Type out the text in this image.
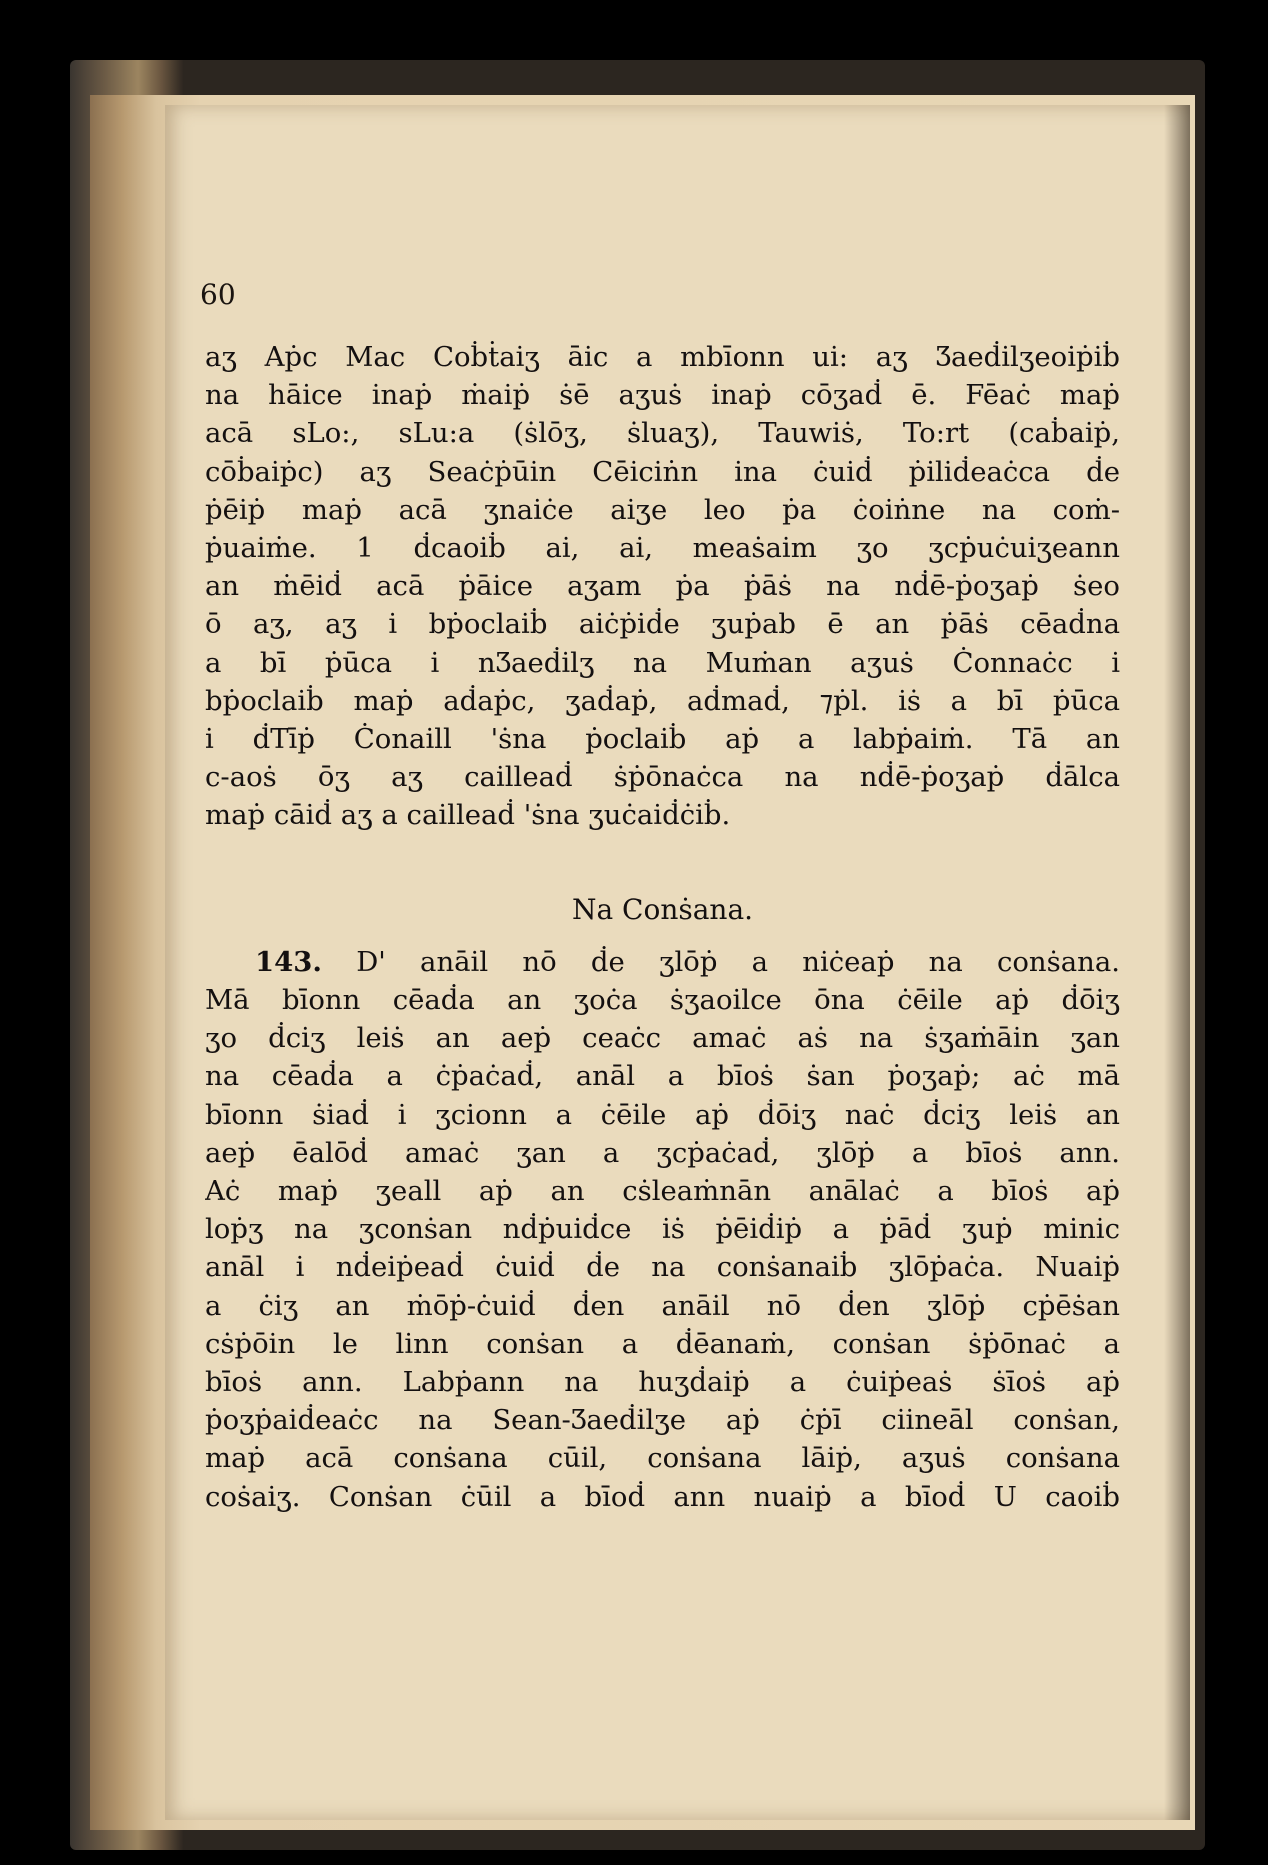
60
aʒ Aṗc Mac Coḃṫaiʒ āic a mbīonn ui: aʒ Ʒaeḋilʒeoiṗiḃ
na hāice inaṗ ṁaiṗ ṡē aʒuṡ inaṗ cōʒaḋ ē. Fēaċ maṗ
acā sLo:, sLu:a (ṡlōʒ, ṡluaʒ), Tauwiṡ, To:rt (caḃaiṗ,
cōḃaiṗc) aʒ Seaċṗūin Cēiciṅn ina ċuiḋ ṗiliḋeaċca ḋe
ṗēiṗ maṗ acā ʒnaiċe aiʒe leo ṗa ċoiṅne na coṁ-
ṗuaiṁe. 1 ḋcaoiḃ ai, ai, meaṡaim ʒo ʒcṗuċuiʒeann
an ṁēiḋ acā ṗāice aʒam ṗa ṗāṡ na nḋē-ṗoʒaṗ ṡeo
ō aʒ, aʒ i bṗoclaiḃ aiċṗiḋe ʒuṗab ē an ṗāṡ cēaḋna
a bī ṗūca i nƷaeḋilʒ na Muṁan aʒuṡ Ċonnaċc i
bṗoclaiḃ maṗ aḋaṗc, ʒaḋaṗ, aḋmaḋ, ⁊ṗl. iṡ a bī ṗūca
i ḋTīṗ Ċonaill 'ṡna ṗoclaiḃ aṗ a labṗaiṁ. Tā an
c-aoṡ ōʒ aʒ cailleaḋ ṡṗōnaċca na nḋē-ṗoʒaṗ ḋālca
maṗ cāiḋ aʒ a cailleaḋ 'ṡna ʒuċaiḋċiḃ.
Na Conṡana.
143. D' anāil nō ḋe ʒlōṗ a niċeaṗ na conṡana.
Mā bīonn cēaḋa an ʒoċa ṡʒaoilce ōna ċēile aṗ ḋōiʒ
ʒo ḋciʒ leiṡ an aeṗ ceaċc amaċ aṡ na ṡʒaṁāin ʒan
na cēaḋa a ċṗaċaḋ, anāl a bīoṡ ṡan ṗoʒaṗ; aċ mā
bīonn ṡiaḋ i ʒcionn a ċēile aṗ ḋōiʒ naċ ḋciʒ leiṡ an
aeṗ ēalōḋ amaċ ʒan a ʒcṗaċaḋ, ʒlōṗ a bīoṡ ann.
Aċ maṗ ʒeall aṗ an cṡleaṁnān anālaċ a bīoṡ aṗ
loṗʒ na ʒconṡan nḋṗuiḋce iṡ ṗēiḋiṗ a ṗāḋ ʒuṗ minic
anāl i nḋeiṗeaḋ ċuiḋ ḋe na conṡanaiḃ ʒlōṗaċa. Nuaiṗ
a ċiʒ an ṁōṗ-ċuiḋ ḋen anāil nō ḋen ʒlōṗ cṗēṡan
cṡṗōin le linn conṡan a ḋēanaṁ, conṡan ṡṗōnaċ a
bīoṡ ann. Labṗann na huʒḋaiṗ a ċuiṗeaṡ ṡīoṡ aṗ
ṗoʒṗaiḋeaċc na Sean-Ʒaeḋilʒe aṗ ċṗī ciineāl conṡan,
maṗ acā conṡana cūil, conṡana lāiṗ, aʒuṡ conṡana
coṡaiʒ. Conṡan ċūil a bīoḋ ann nuaiṗ a bīoḋ U caoiḃ
